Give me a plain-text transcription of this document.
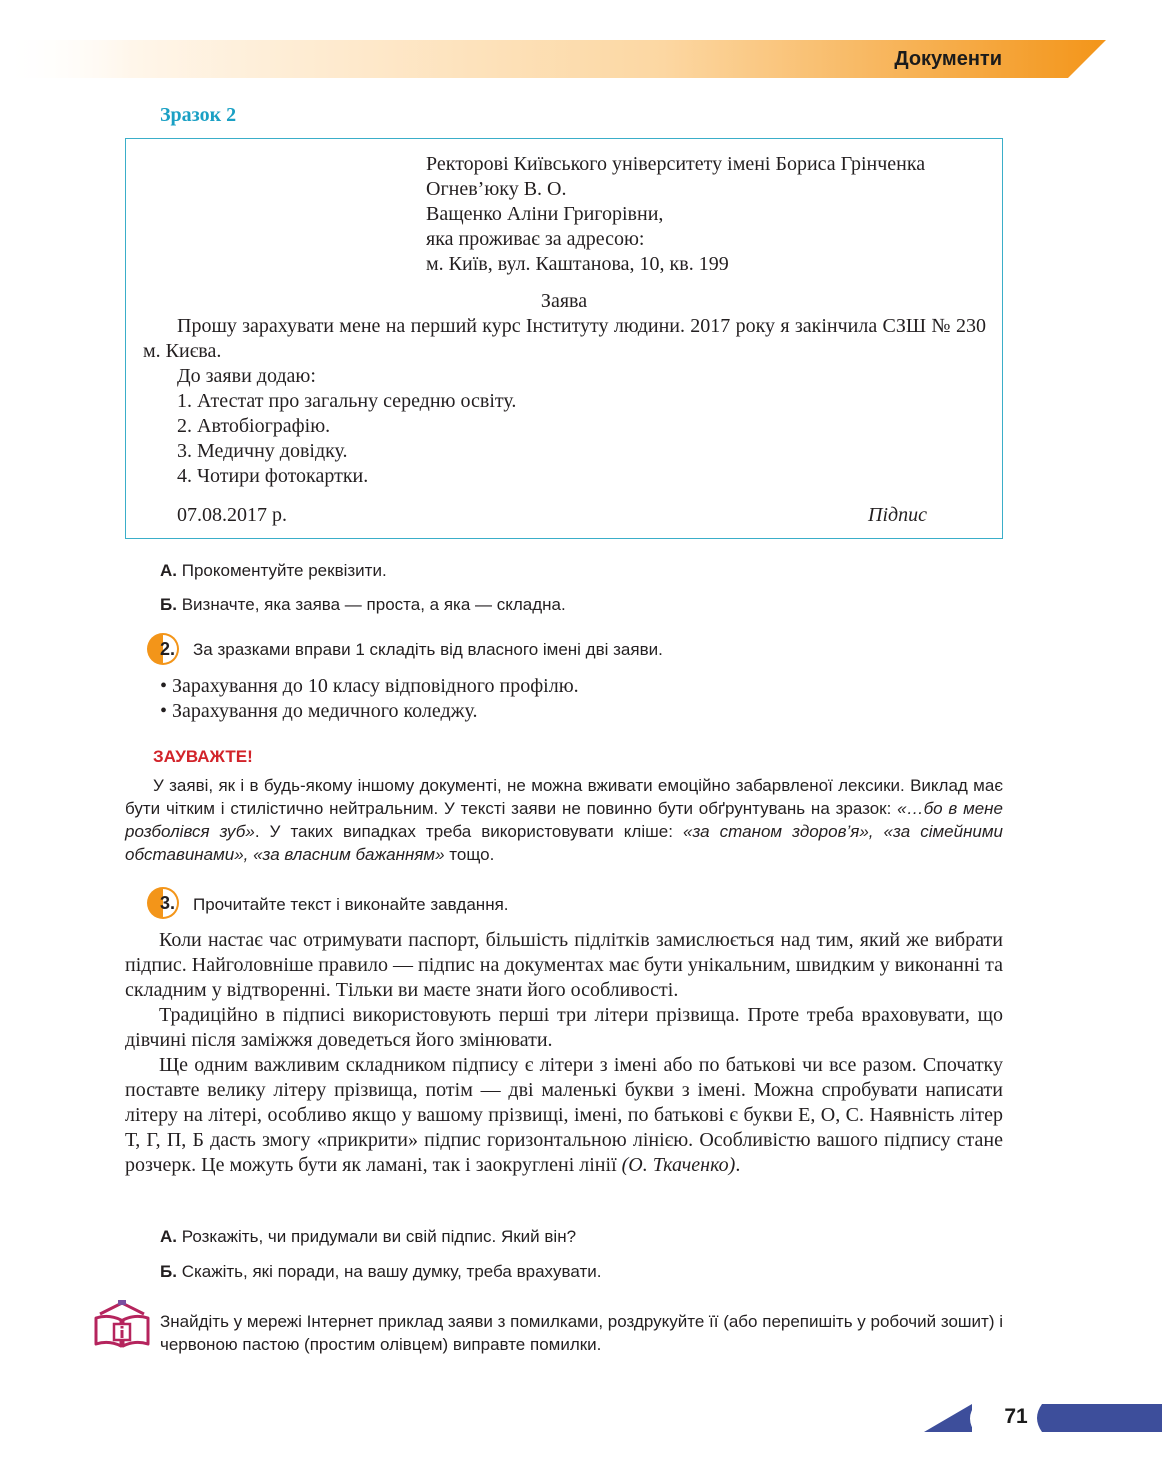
Документи
Зразок 2
Ректорові Київського університету імені Бориса Грінченка
Огнев’юку В. О.
Ващенко Аліни Григорівни,
яка проживає за адресою:
м. Київ, вул. Каштанова, 10, кв. 199
Заява
Прошу зарахувати мене на перший курс Інституту людини. 2017 року я закінчила СЗШ № 230 м. Києва.
До заяви додаю:
1. Атестат про загальну середню освіту.
2. Автобіографію.
3. Медичну довідку.
4. Чотири фотокартки.
07.08.2017 р.	Підпис
А. Прокоментуйте реквізити.
Б. Визначте, яка заява — проста, а яка — складна.
2. За зразками вправи 1 складіть від власного імені дві заяви.
• Зарахування до 10 класу відповідного профілю.
• Зарахування до медичного коледжу.
ЗАУВАЖТЕ!
У заяві, як і в будь-якому іншому документі, не можна вживати емоційно забарвленої лексики. Виклад має бути чітким і стилістично нейтральним. У тексті заяви не повинно бути обґрунтувань на зразок: «…бо в мене розболівся зуб». У таких випадках треба використовувати кліше: «за станом здоров’я», «за сімейними обставинами», «за власним бажанням» тощо.
3. Прочитайте текст і виконайте завдання.

Коли настає час отримувати паспорт, більшість підлітків замислюється над тим, який же вибрати підпис. Найголовніше правило — підпис на документах має бути унікальним, швидким у виконанні та складним у відтворенні. Тільки ви маєте знати його особливості.

Традиційно в підписі використовують перші три літери прізвища. Проте треба враховувати, що дівчині після заміжжя доведеться його змінювати.

Ще одним важливим складником підпису є літери з імені або по батькові чи все разом. Спочатку поставте велику літеру прізвища, потім — дві маленькі букви з імені. Можна спробувати написати літеру на літері, особливо якщо у вашому прізвищі, імені, по батькові є букви Е, О, С. Наявність літер Т, Г, П, Б дасть змогу «прикрити» підпис горизонтальною лінією. Особливістю вашого підпису стане розчерк. Це можуть бути як ламані, так і заокруглені лінії (О. Ткаченко).

А. Розкажіть, чи придумали ви свій підпис. Який він?
Б. Скажіть, які поради, на вашу думку, треба врахувати.
Знайдіть у мережі Інтернет приклад заяви з помилками, роздрукуйте її (або перепишіть у робочий зошит) і червоною пастою (простим олівцем) виправте помилки.
71
